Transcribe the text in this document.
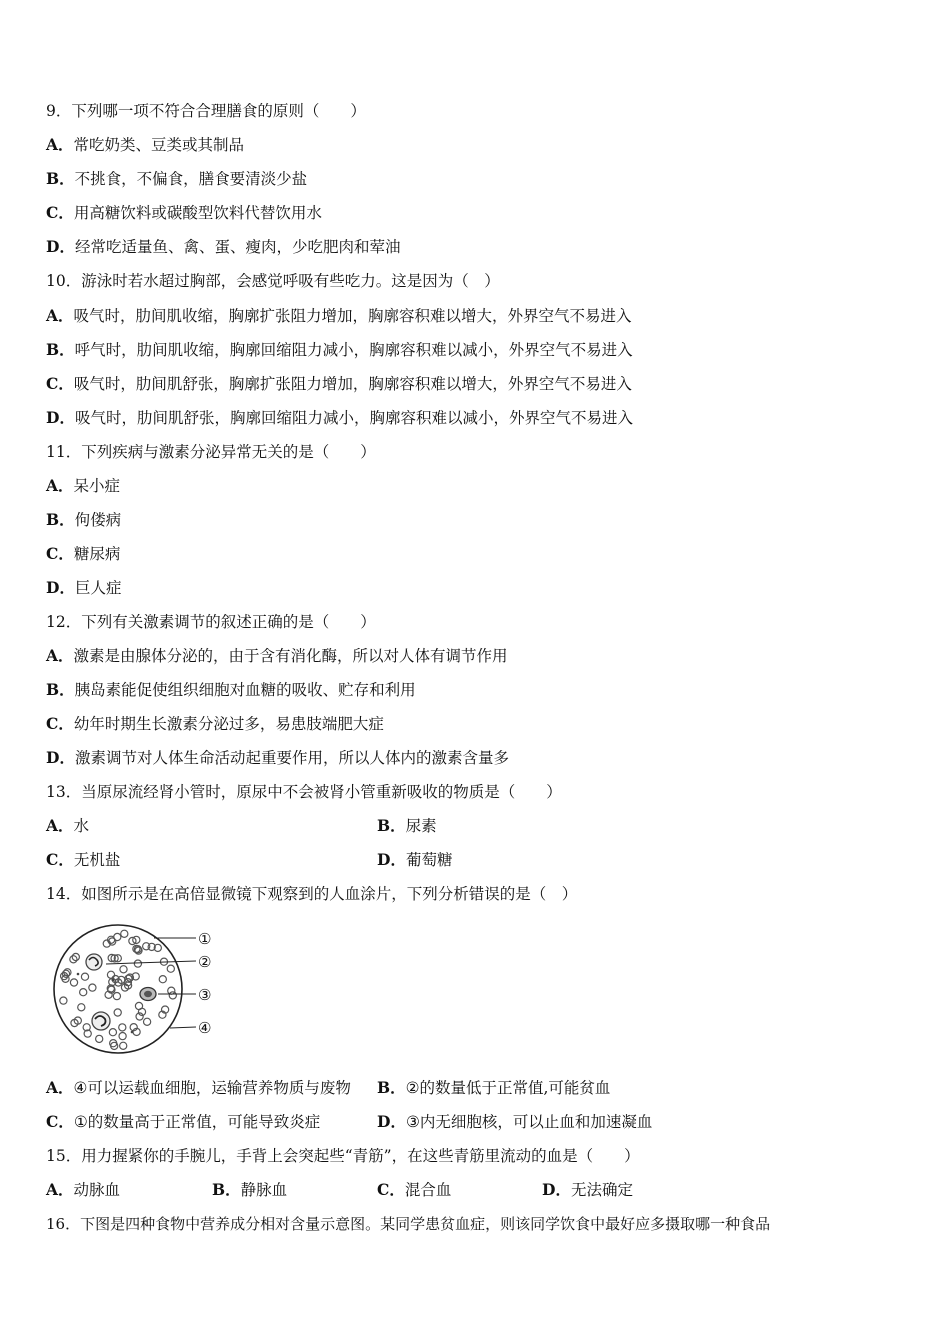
9．下列哪一项不符合合理膳食的原则（　　）
A．常吃奶类、豆类或其制品
B．不挑食，不偏食，膳食要清淡少盐
C．用高糖饮料或碳酸型饮料代替饮用水
D．经常吃适量鱼、禽、蛋、瘦肉，少吃肥肉和荤油
10．游泳时若水超过胸部，会感觉呼吸有些吃力。这是因为（　）
A．吸气时，肋间肌收缩，胸廓扩张阻力增加，胸廓容积难以增大，外界空气不易进入
B．呼气时，肋间肌收缩，胸廓回缩阻力减小，胸廓容积难以减小，外界空气不易进入
C．吸气时，肋间肌舒张，胸廓扩张阻力增加，胸廓容积难以增大，外界空气不易进入
D．吸气时，肋间肌舒张，胸廓回缩阻力减小，胸廓容积难以减小，外界空气不易进入
11．下列疾病与激素分泌异常无关的是（　　）
A．呆小症
B．佝偻病
C．糖尿病
D．巨人症
12．下列有关激素调节的叙述正确的是（　　）
A．激素是由腺体分泌的，由于含有消化酶，所以对人体有调节作用
B．胰岛素能促使组织细胞对血糖的吸收、贮存和利用
C．幼年时期生长激素分泌过多，易患肢端肥大症
D．激素调节对人体生命活动起重要作用，所以人体内的激素含量多
13．当原尿流经肾小管时，原尿中不会被肾小管重新吸收的物质是（　　）
A．水	B．尿素
C．无机盐	D．葡萄糖
14．如图所示是在高倍显微镜下观察到的人血涂片，下列分析错误的是（　）
①
②
③
④
A．④可以运载血细胞，运输营养物质与废物 B．②的数量低于正常值,可能贫血
C．①的数量高于正常值，可能导致炎症	D．③内无细胞核，可以止血和加速凝血
15．用力握紧你的手腕儿，手背上会突起些“青筋”，在这些青筋里流动的血是（　　）
A．动脉血	B．静脉血	C．混合血	D．无法确定
16．下图是四种食物中营养成分相对含量示意图。某同学患贫血症，则该同学饮食中最好应多摄取哪一种食品
